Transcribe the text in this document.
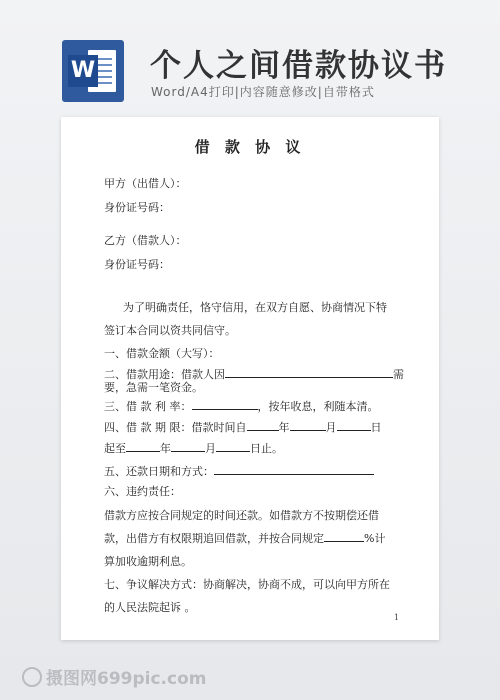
W 个人之间借款协议书
Word/A4打印|内容随意修改|自带格式
借 款 协 议
甲方（出借人）：
身份证号码：
乙方（借款人）：
身份证号码：
为了明确责任，恪守信用，在双方自愿、协商情况下特
签订本合同以资共同信守。
一、借款金额（大写）：
二、借款用途：借款人因	需
要，急需一笔资金。
三、借 款 利 率：	，按年收息，利随本清。
四、借 款 期 限：借款时间自	年	月	日
起至	年	月	日止。
五、还款日期和方式：
六、违约责任：
借款方应按合同规定的时间还款。如借款方不按期偿还借
款，出借方有权限期追回借款，并按合同规定	%计
算加收逾期利息。
七、争议解决方式：协商解决，协商不成，可以向甲方所在
的人民法院起诉 。
1
摄图网699pic.com
